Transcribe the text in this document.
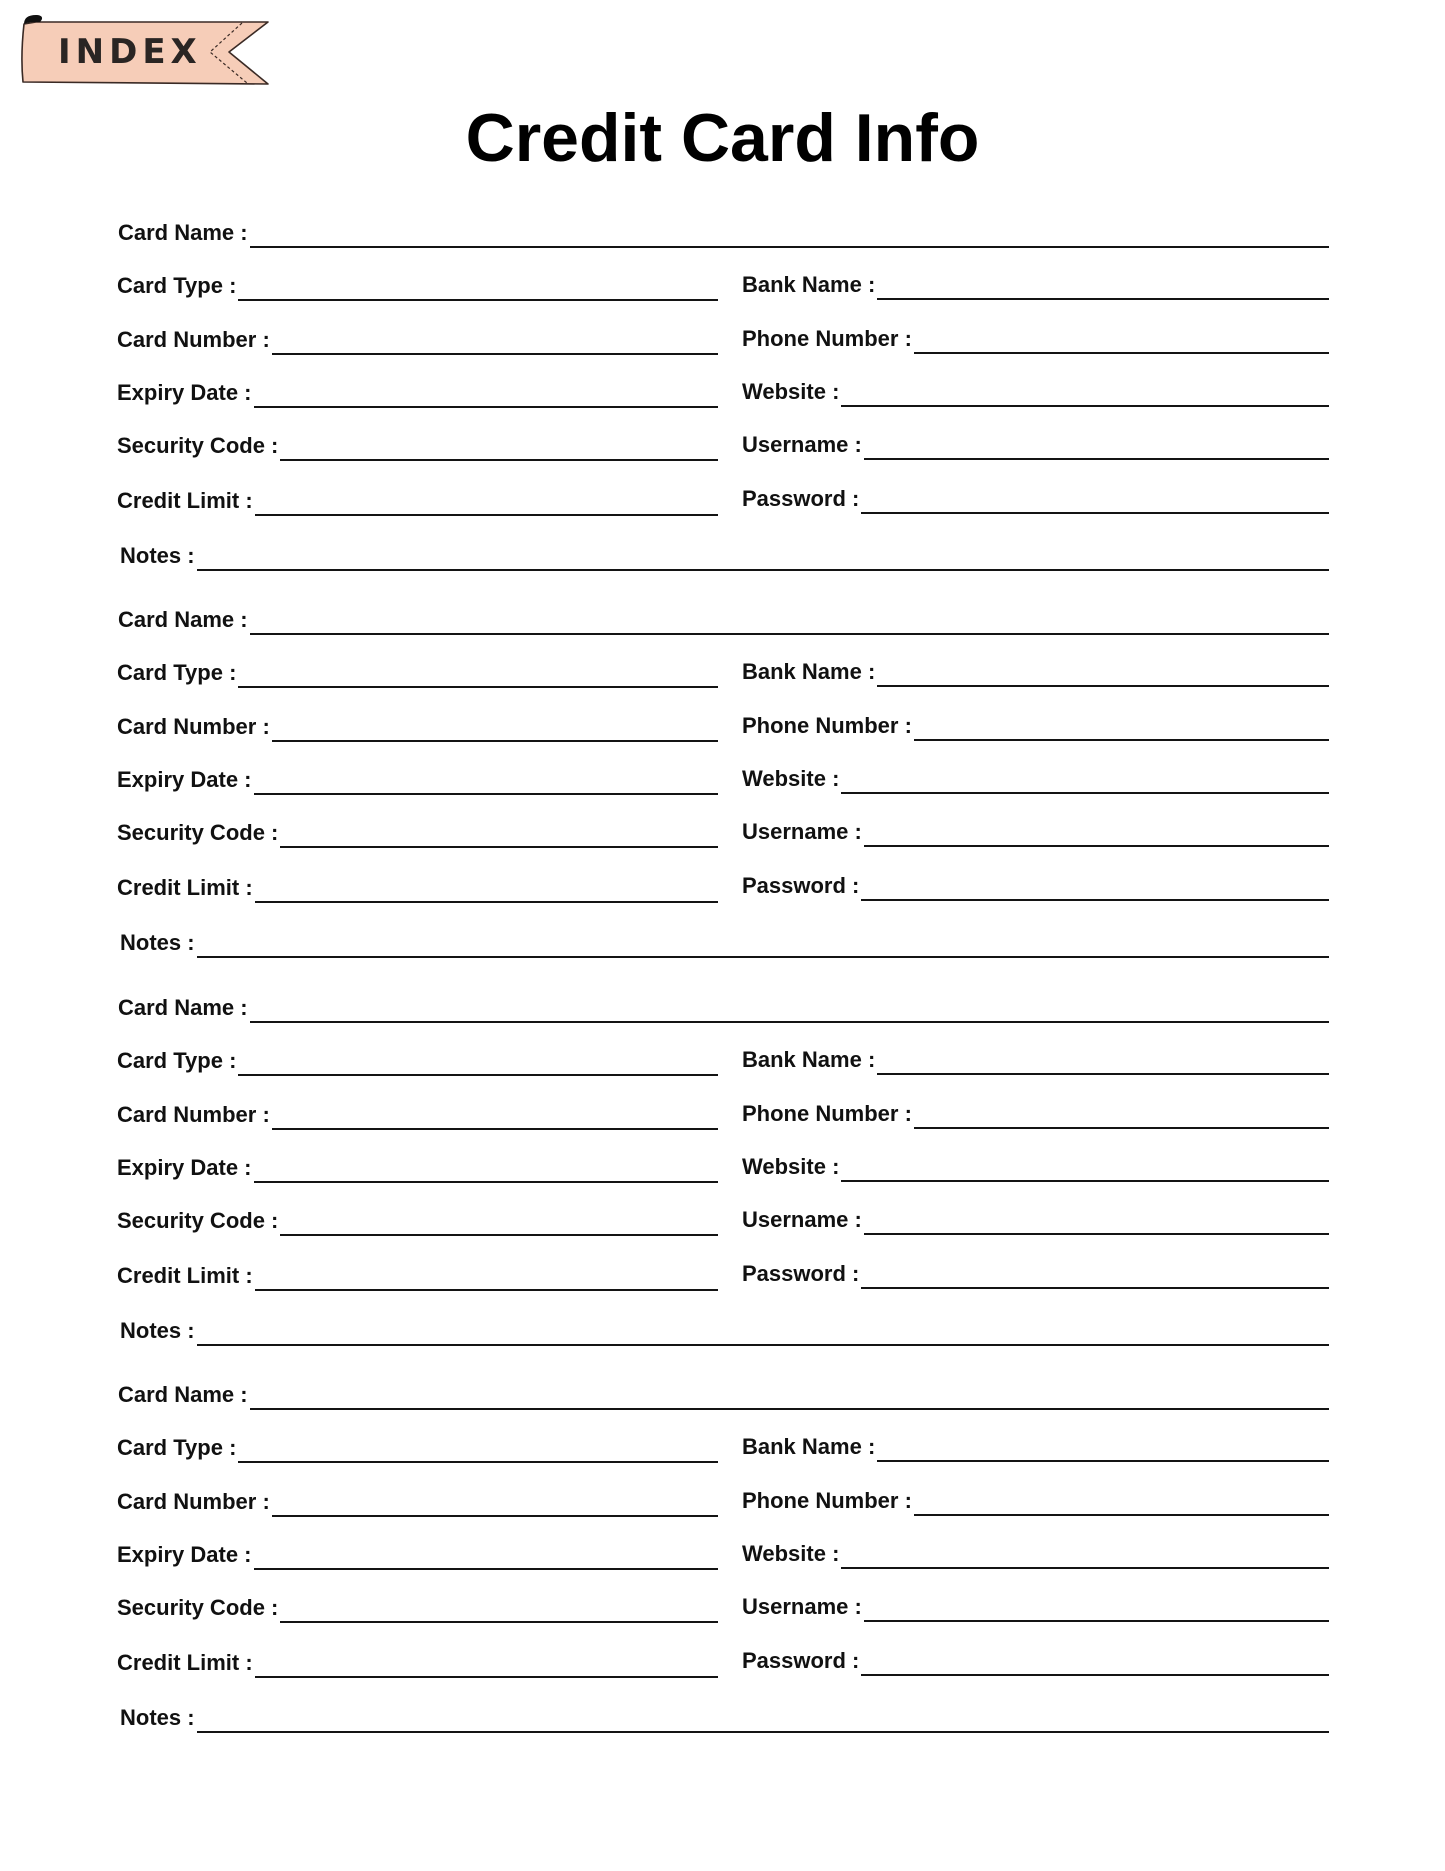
INDEX
Credit Card Info
Card Name :
Card Type :	Bank Name :
Card Number :	Phone Number :
Expiry Date :	Website :
Security Code :	Username :
Credit Limit :	Password :
Notes :
Card Name :
Card Type :	Bank Name :
Card Number :	Phone Number :
Expiry Date :	Website :
Security Code :	Username :
Credit Limit :	Password :
Notes :
Card Name :
Card Type :	Bank Name :
Card Number :	Phone Number :
Expiry Date :	Website :
Security Code :	Username :
Credit Limit :	Password :
Notes :
Card Name :
Card Type :	Bank Name :
Card Number :	Phone Number :
Expiry Date :	Website :
Security Code :	Username :
Credit Limit :	Password :
Notes :
